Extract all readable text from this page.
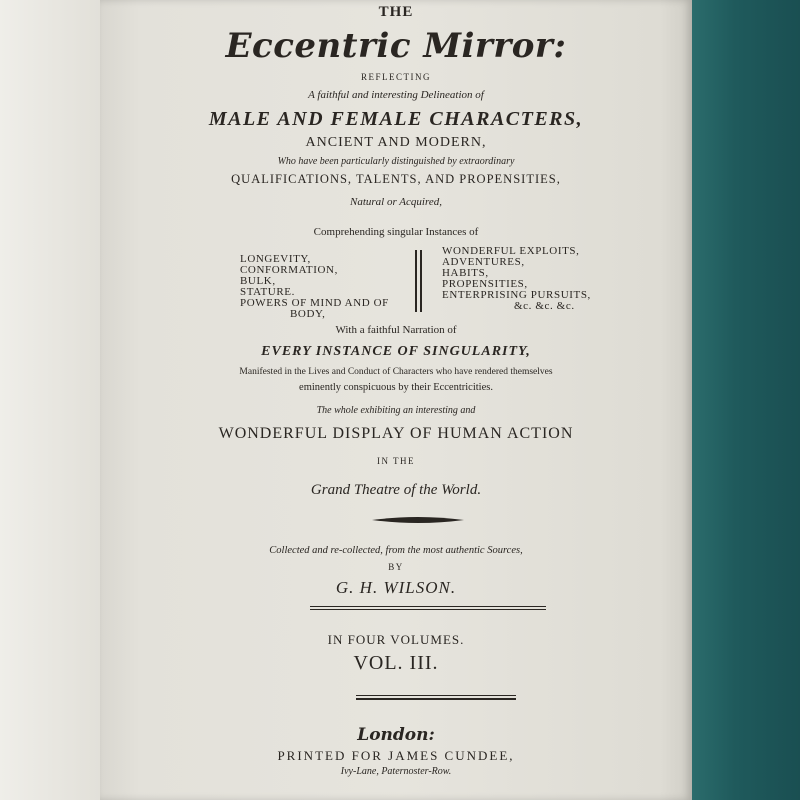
THE
Eccentric Mirror:
REFLECTING
A faithful and interesting Delineation of
MALE AND FEMALE CHARACTERS,
ANCIENT AND MODERN,
Who have been particularly distinguished by extraordinary
QUALIFICATIONS, TALENTS, AND PROPENSITIES,
Natural or Acquired,
Comprehending singular Instances of
LONGEVITY,
CONFORMATION,
BULK,
STATURE.
POWERS OF MIND AND OF
BODY,
WONDERFUL EXPLOITS,
ADVENTURES,
HABITS,
PROPENSITIES,
ENTERPRISING PURSUITS,
&c. &c. &c.
With a faithful Narration of
EVERY INSTANCE OF SINGULARITY,
Manifested in the Lives and Conduct of Characters who have rendered themselves
eminently conspicuous by their Eccentricities.
The whole exhibiting an interesting and
WONDERFUL DISPLAY OF HUMAN ACTION
IN THE
Grand Theatre of the World.
Collected and re-collected, from the most authentic Sources,
BY
G. H. WILSON.
IN FOUR VOLUMES.
VOL. III.
London:
PRINTED FOR JAMES CUNDEE,
Ivy-Lane, Paternoster-Row.
